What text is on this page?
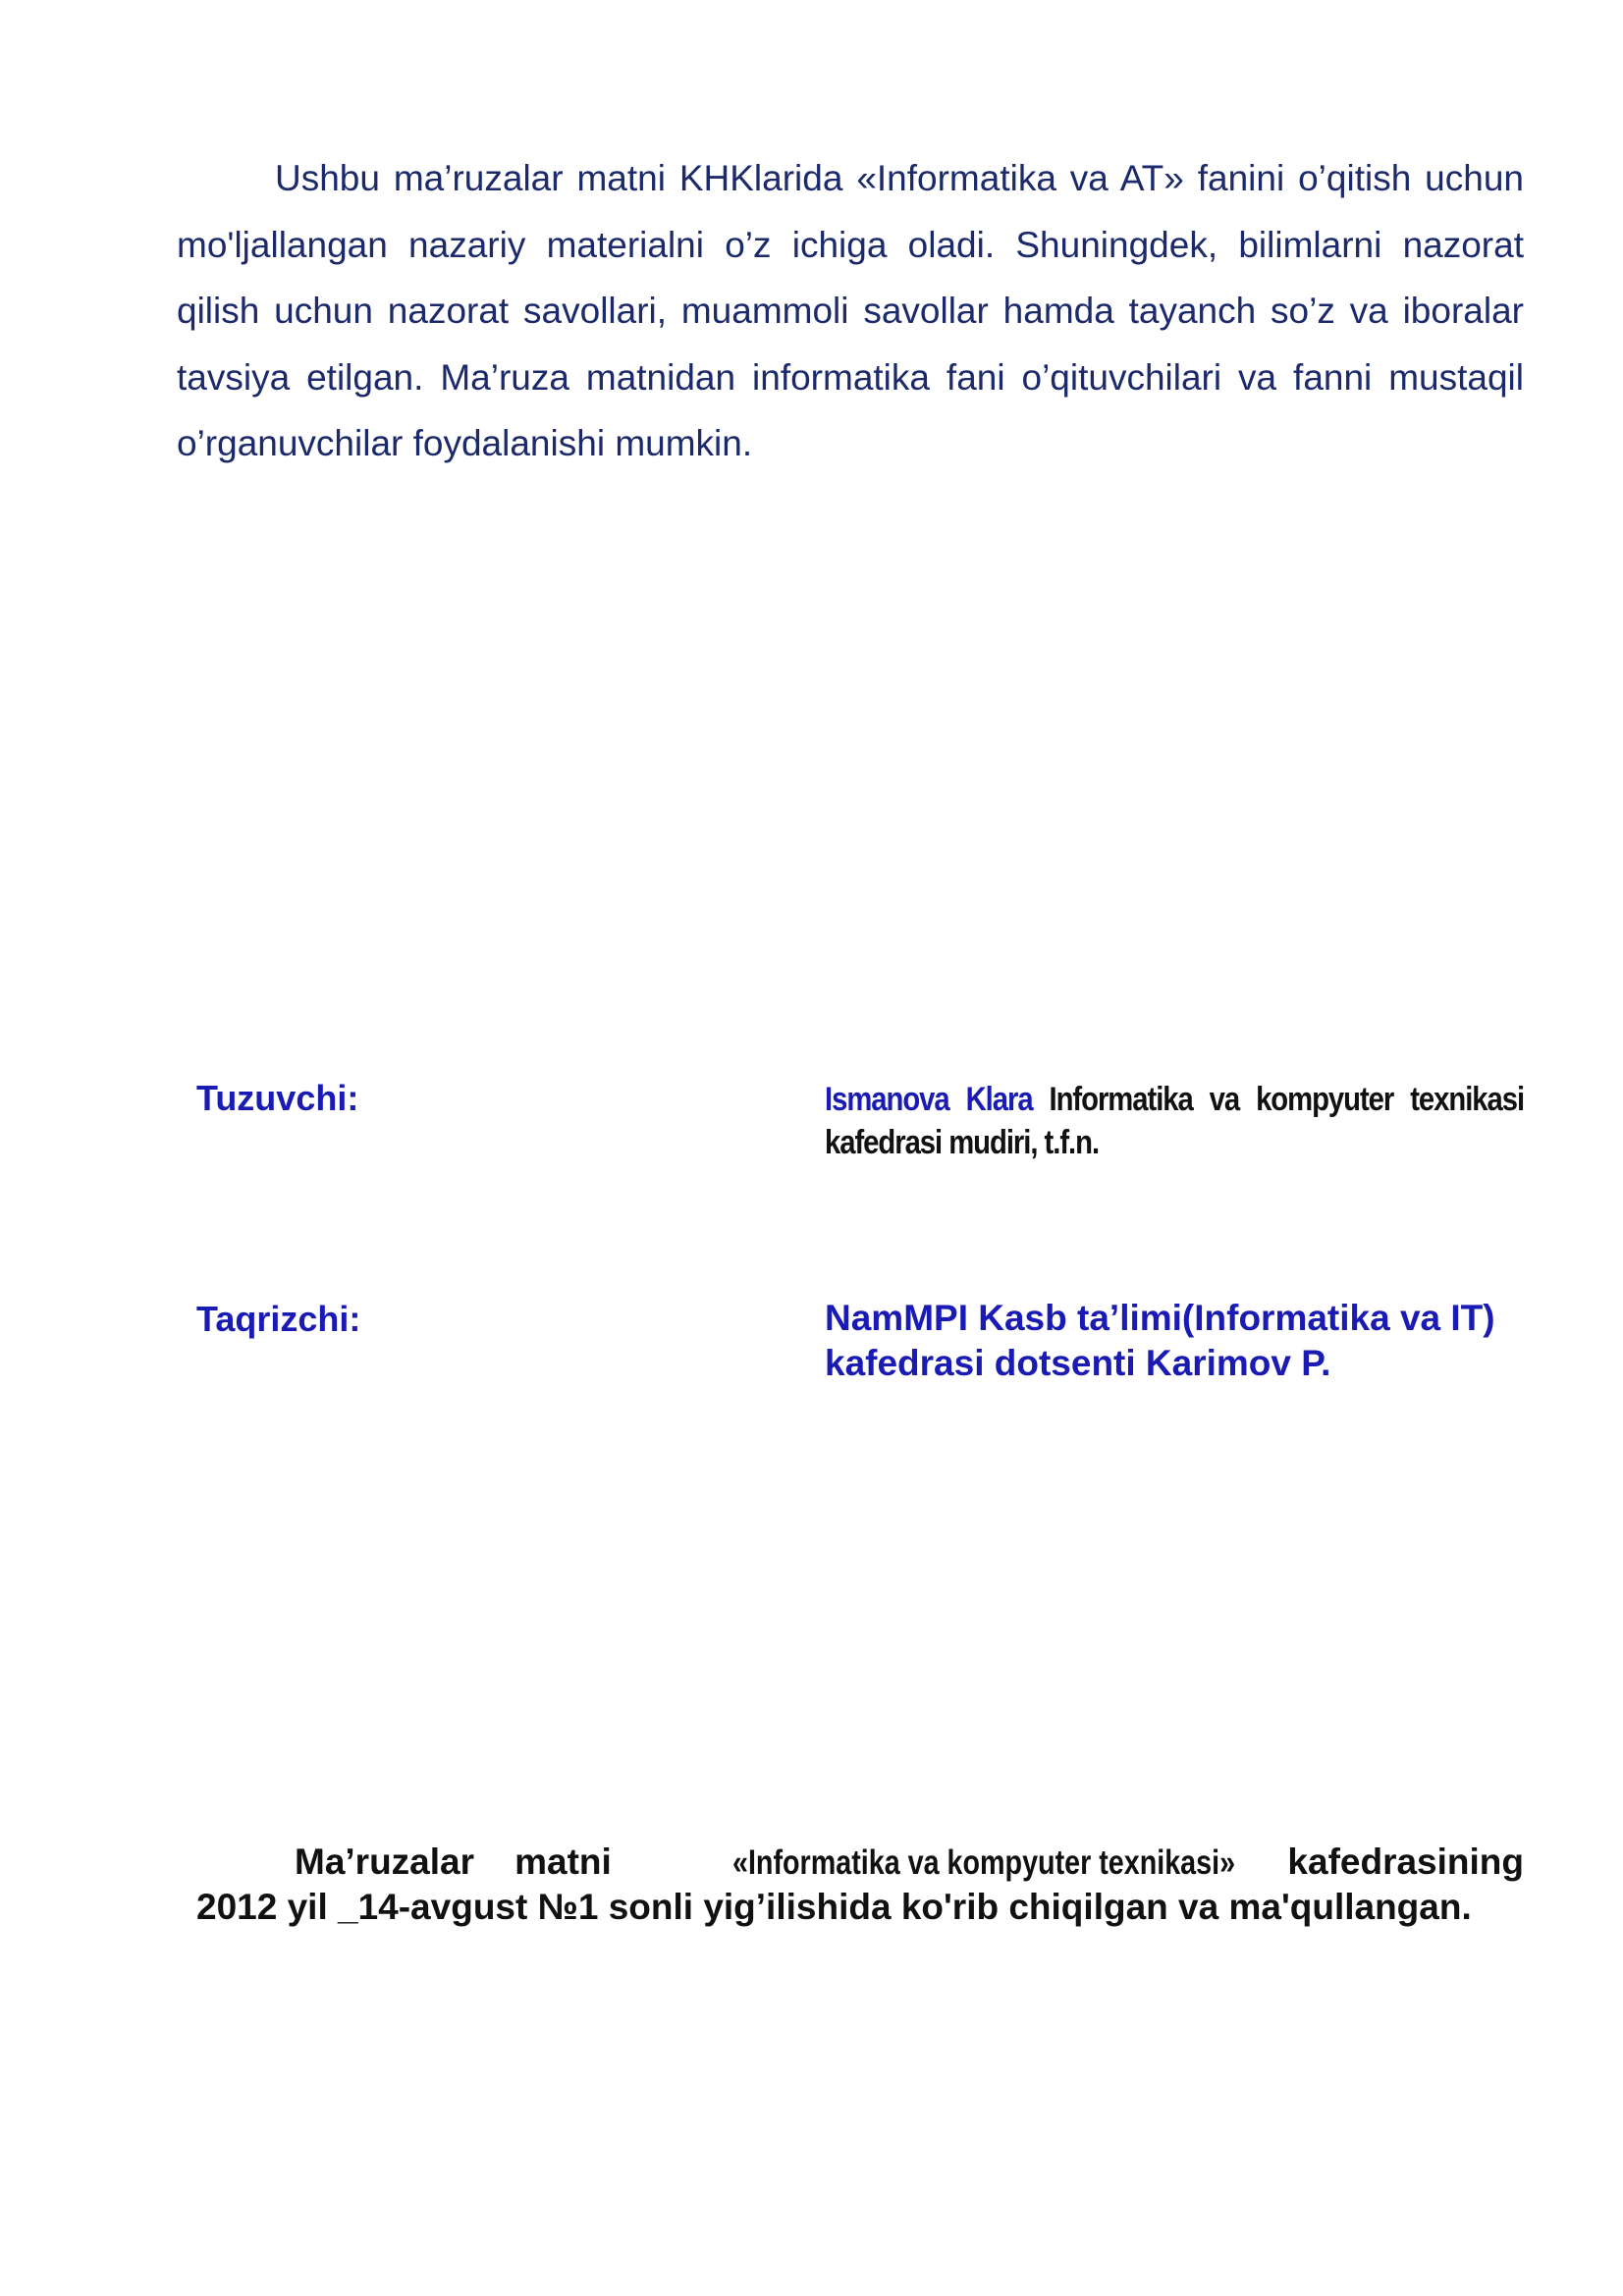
Ushbu ma’ruzalar matni KHKlarida «Informatika va AT» fanini o’qitish uchun mo'ljallangan nazariy materialni o’z ichiga oladi. Shuningdek, bilimlarni nazorat qilish uchun nazorat savollari, muammoli savollar hamda tayanch so’z va iboralar tavsiya etilgan. Ma’ruza matnidan informatika fani o’qituvchilari va fanni mustaqil o’rganuvchilar foydalanishi mumkin.

Tuzuvchi:	Ismanova Klara Informatika va kompyuter texnikasi kafedrasi mudiri, t.f.n.

Taqrizchi:	NamMPI Kasb ta’limi(Informatika va IT) kafedrasi dotsenti Karimov P.

Ma’ruzalar matni «Informatika va kompyuter texnikasi» kafedrasining 2012 yil _14-avgust №1 sonli yig’ilishida ko'rib chiqilgan va ma'qullangan.
